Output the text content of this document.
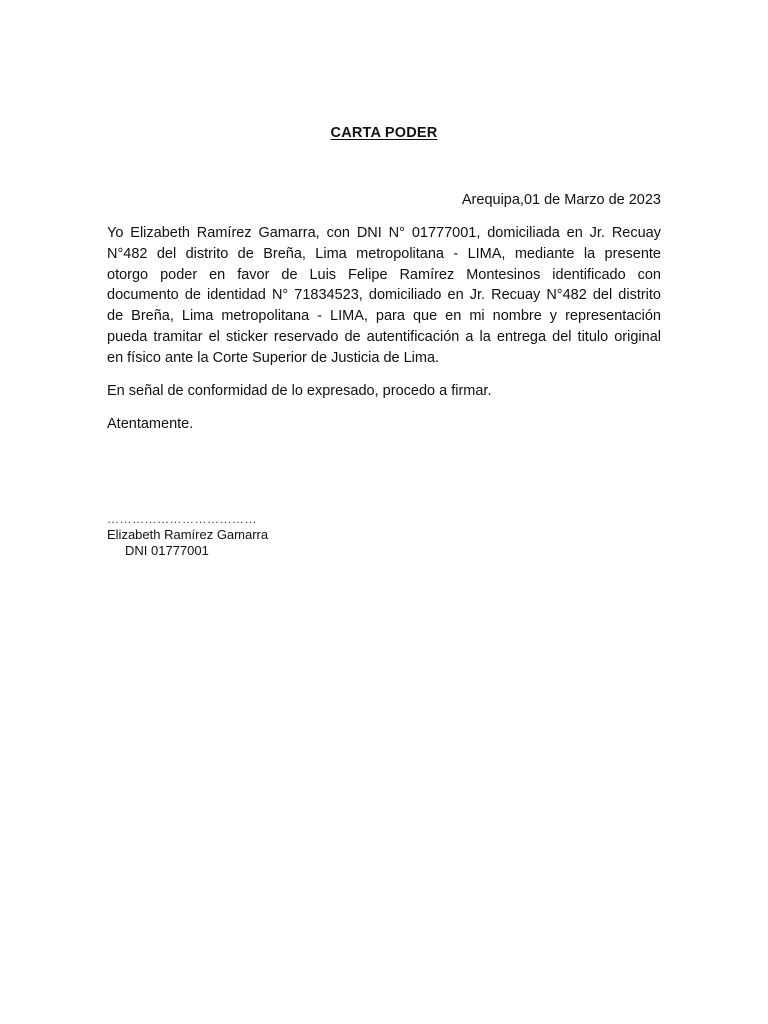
CARTA PODER
Arequipa,01 de Marzo de 2023
Yo Elizabeth Ramírez Gamarra, con DNI N° 01777001, domiciliada en Jr. Recuay
N°482 del distrito de Breña, Lima metropolitana - LIMA, mediante la presente
otorgo poder en favor de Luis Felipe Ramírez Montesinos identificado con
documento de identidad N° 71834523, domiciliado en Jr. Recuay N°482 del distrito
de Breña, Lima metropolitana - LIMA, para que en mi nombre y representación
pueda tramitar el sticker reservado de autentificación a la entrega del titulo original
en físico ante la Corte Superior de Justicia de Lima.
En señal de conformidad de lo expresado, procedo a firmar.
Atentamente.
………………………………
Elizabeth Ramírez Gamarra
DNI 01777001
